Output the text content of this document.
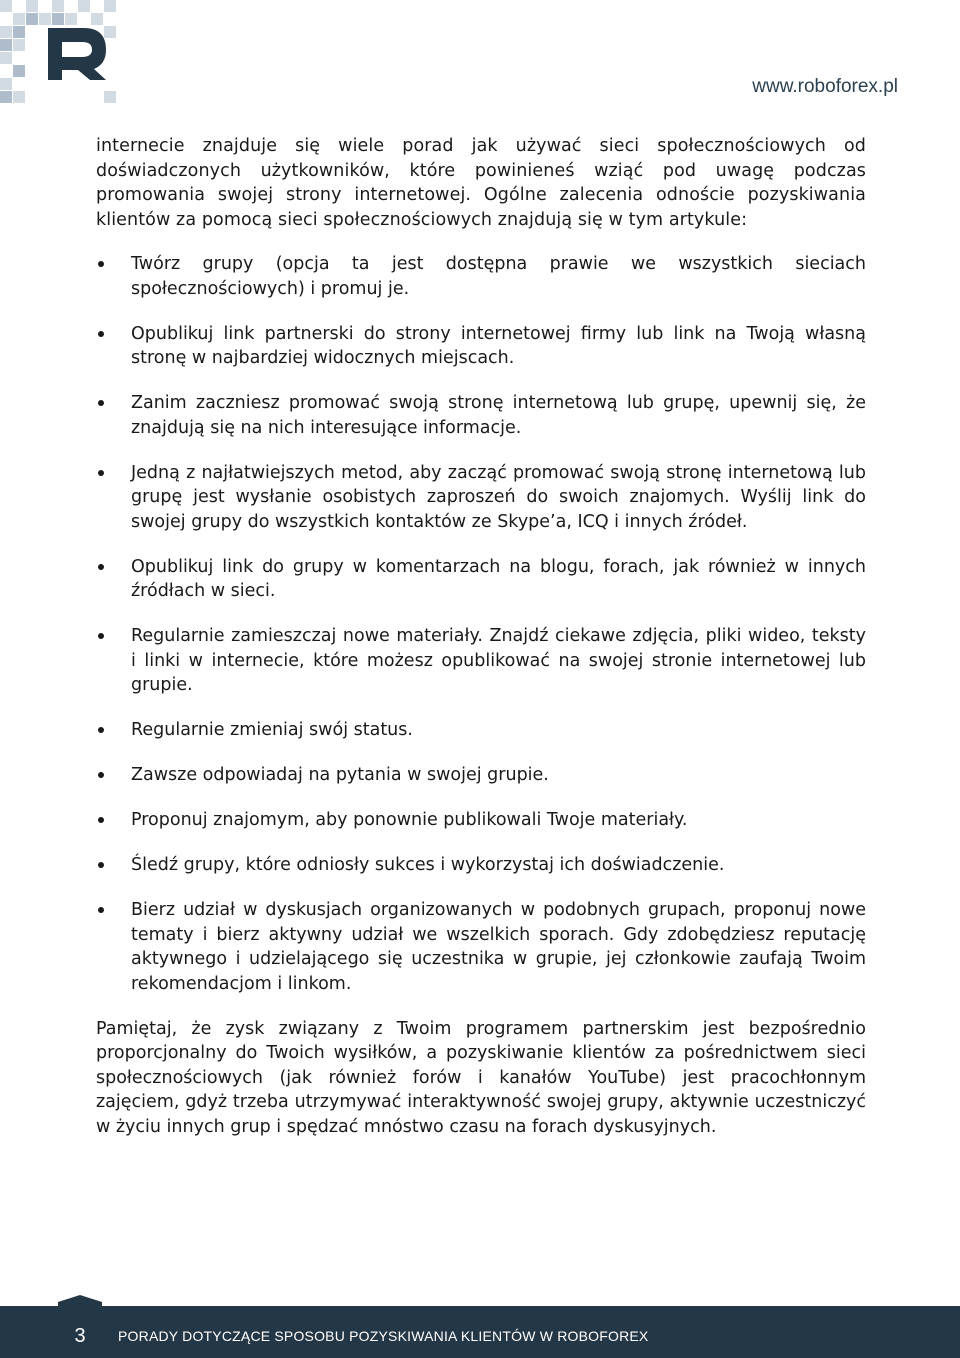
www.roboforex.pl

internecie znajduje się wiele porad jak używać sieci społecznościowych od doświadczonych użytkowników, które powinieneś wziąć pod uwagę podczas promowania swojej strony internetowej. Ogólne zalecenia odnoście pozyskiwania klientów za pomocą sieci społecznościowych znajdują się w tym artykule:

Twórz grupy (opcja ta jest dostępna prawie we wszystkich sieciach społecznościowych) i promuj je.
Opublikuj link partnerski do strony internetowej firmy lub link na Twoją własną stronę w najbardziej widocznych miejscach.
Zanim zaczniesz promować swoją stronę internetową lub grupę, upewnij się, że znajdują się na nich interesujące informacje.
Jedną z najłatwiejszych metod, aby zacząć promować swoją stronę internetową lub grupę jest wysłanie osobistych zaproszeń do swoich znajomych. Wyślij link do swojej grupy do wszystkich kontaktów ze Skype’a, ICQ i innych źródeł.
Opublikuj link do grupy w komentarzach na blogu, forach, jak również w innych źródłach w sieci.
Regularnie zamieszczaj nowe materiały. Znajdź ciekawe zdjęcia, pliki wideo, teksty i linki w internecie, które możesz opublikować na swojej stronie internetowej lub grupie.
Regularnie zmieniaj swój status.
Zawsze odpowiadaj na pytania w swojej grupie.
Proponuj znajomym, aby ponownie publikowali Twoje materiały.
Śledź grupy, które odniosły sukces i wykorzystaj ich doświadczenie.
Bierz udział w dyskusjach organizowanych w podobnych grupach, proponuj nowe tematy i bierz aktywny udział we wszelkich sporach. Gdy zdobędziesz reputację aktywnego i udzielającego się uczestnika w grupie, jej członkowie zaufają Twoim rekomendacjom i linkom.

Pamiętaj, że zysk związany z Twoim programem partnerskim jest bezpośrednio proporcjonalny do Twoich wysiłków, a pozyskiwanie klientów za pośrednictwem sieci społecznościowych (jak również forów i kanałów YouTube) jest pracochłonnym zajęciem, gdyż trzeba utrzymywać interaktywność swojej grupy, aktywnie uczestniczyć w życiu innych grup i spędzać mnóstwo czasu na forach dyskusyjnych.

3	PORADY DOTYCZĄCE SPOSOBU POZYSKIWANIA KLIENTÓW W ROBOFOREX
